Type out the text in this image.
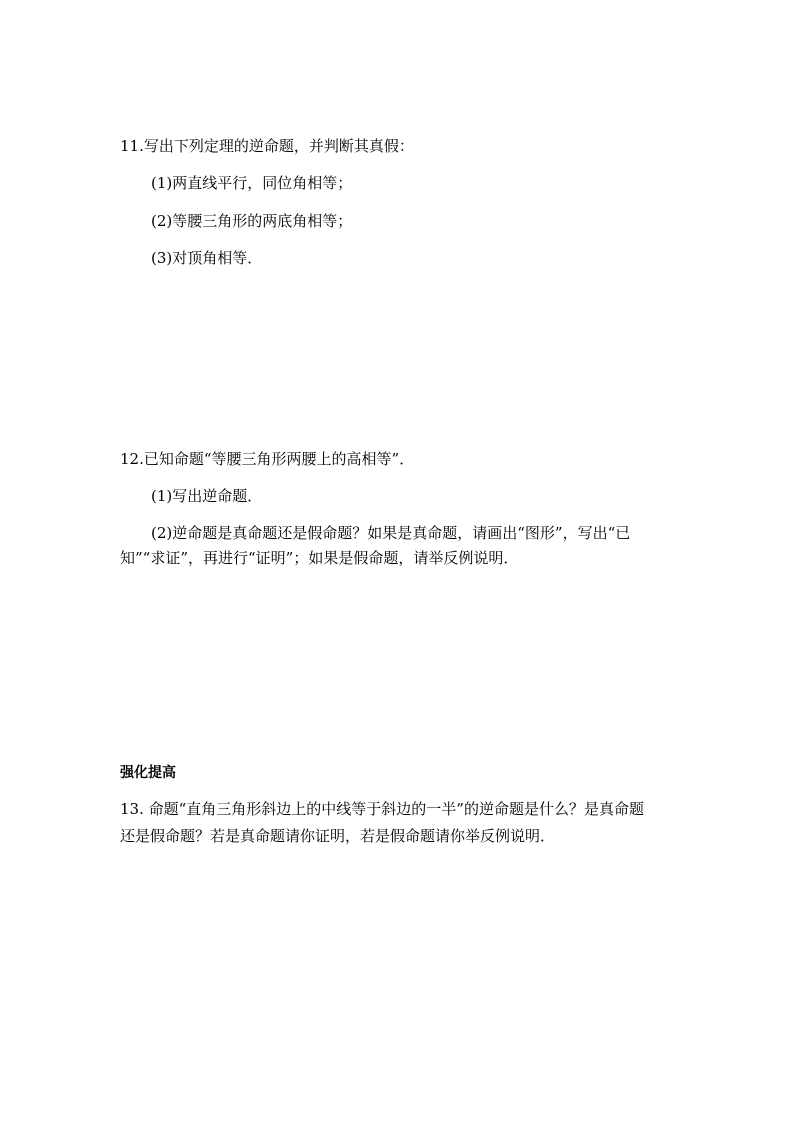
11.写出下列定理的逆命题，并判断其真假：
(1)两直线平行，同位角相等；
(2)等腰三角形的两底角相等；
(3)对顶角相等．
12.已知命题“等腰三角形两腰上的高相等”．
(1)写出逆命题．
(2)逆命题是真命题还是假命题？如果是真命题，请画出“图形”，写出“已
知”“求证”，再进行“证明”；如果是假命题，请举反例说明．
强化提高
13. 命题“直角三角形斜边上的中线等于斜边的一半”的逆命题是什么？是真命题
还是假命题？若是真命题请你证明，若是假命题请你举反例说明．
